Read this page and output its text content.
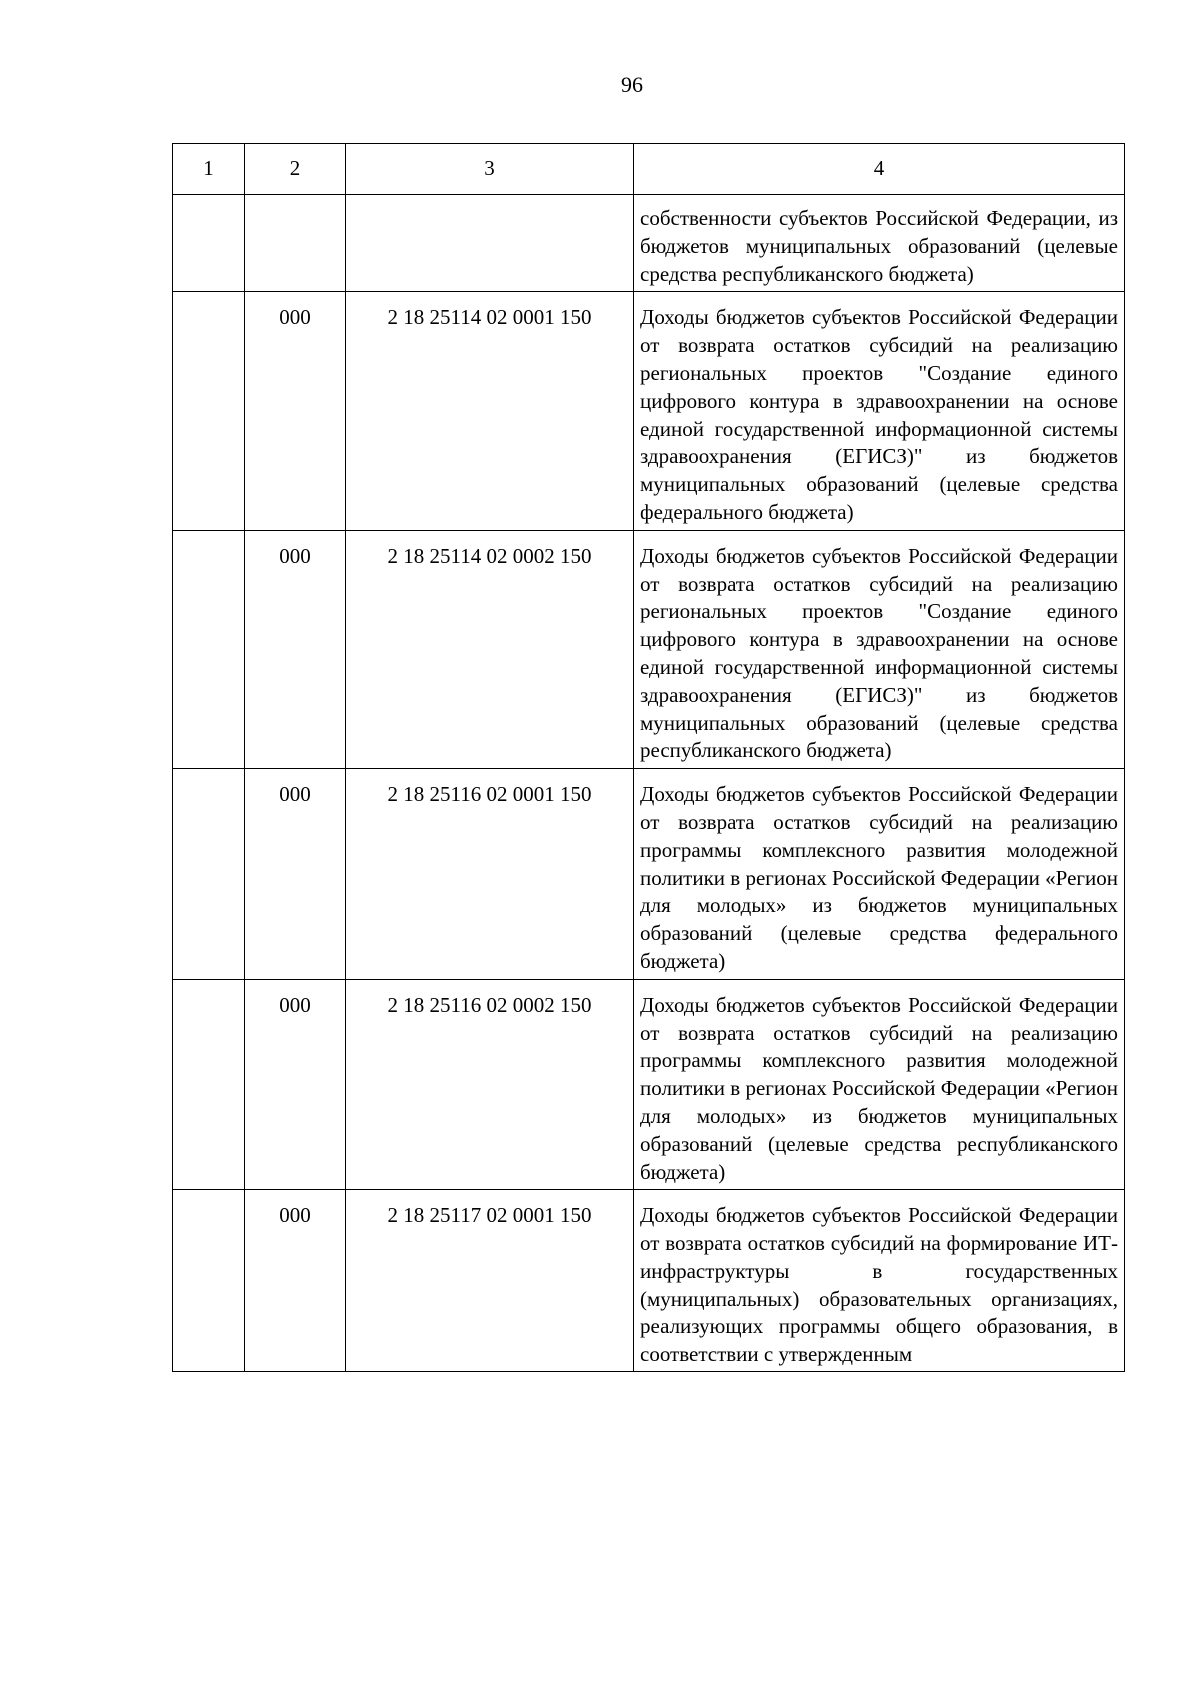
96
1	2	3	4
			собственности субъектов Российской Федерации, из бюджетов муниципальных образований (целевые средства республиканского бюджета)
	000	2 18 25114 02 0001 150	Доходы бюджетов субъектов Российской Федерации от возврата остатков субсидий на реализацию региональных проектов "Создание единого цифрового контура в здравоохранении на основе единой государственной информационной системы здравоохранения (ЕГИСЗ)" из бюджетов муниципальных образований (целевые средства федерального бюджета)
	000	2 18 25114 02 0002 150	Доходы бюджетов субъектов Российской Федерации от возврата остатков субсидий на реализацию региональных проектов "Создание единого цифрового контура в здравоохранении на основе единой государственной информационной системы здравоохранения (ЕГИСЗ)" из бюджетов муниципальных образований (целевые средства республиканского бюджета)
	000	2 18 25116 02 0001 150	Доходы бюджетов субъектов Российской Федерации от возврата остатков субсидий на реализацию программы комплексного развития молодежной политики в регионах Российской Федерации «Регион для молодых» из бюджетов муниципальных образований (целевые средства федерального бюджета)
	000	2 18 25116 02 0002 150	Доходы бюджетов субъектов Российской Федерации от возврата остатков субсидий на реализацию программы комплексного развития молодежной политики в регионах Российской Федерации «Регион для молодых» из бюджетов муниципальных образований (целевые средства республиканского бюджета)
	000	2 18 25117 02 0001 150	Доходы бюджетов субъектов Российской Федерации от возврата остатков субсидий на формирование ИТ-инфраструктуры в государственных (муниципальных) образовательных организациях, реализующих программы общего образования, в соответствии с утвержденным
